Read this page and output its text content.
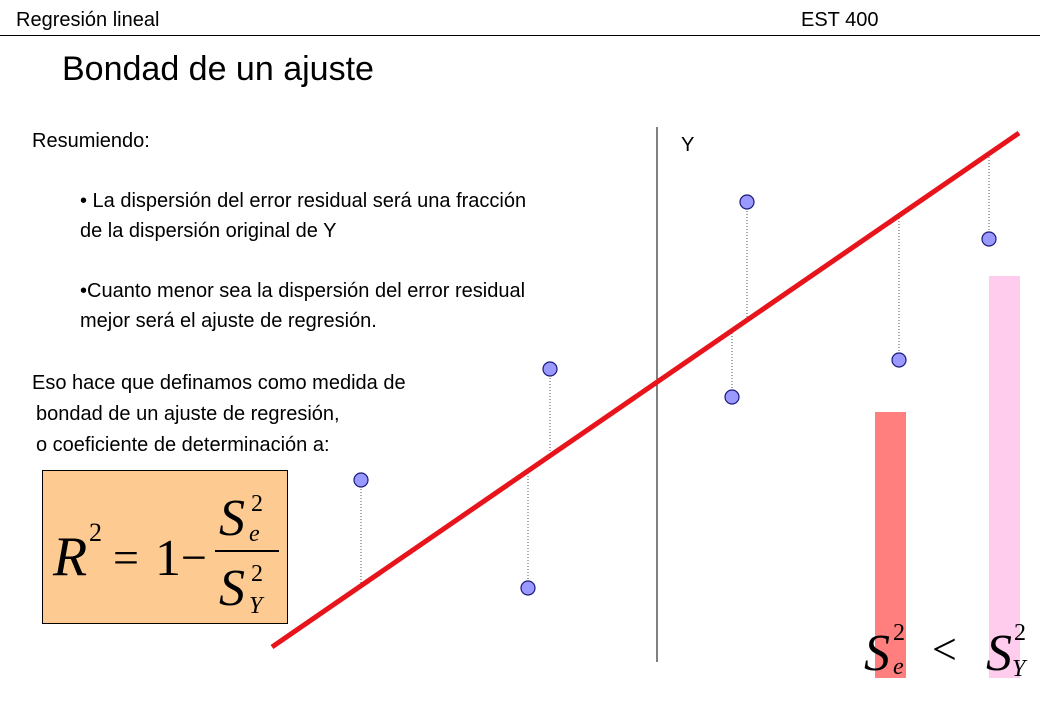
Regresión lineal	EST 400
Bondad de un ajuste
Resumiendo:
• La dispersión del error residual será una fracción
de la dispersión original de Y
•Cuanto menor sea la dispersión del error residual
mejor será el ajuste de regresión.
Eso hace que definamos como medida de
bondad de un ajuste de regresión,
o coeficiente de determinación a:
R 2 = 1 −
S 2
e
S 2
Y
S 2
e < S 2
Y
Y
